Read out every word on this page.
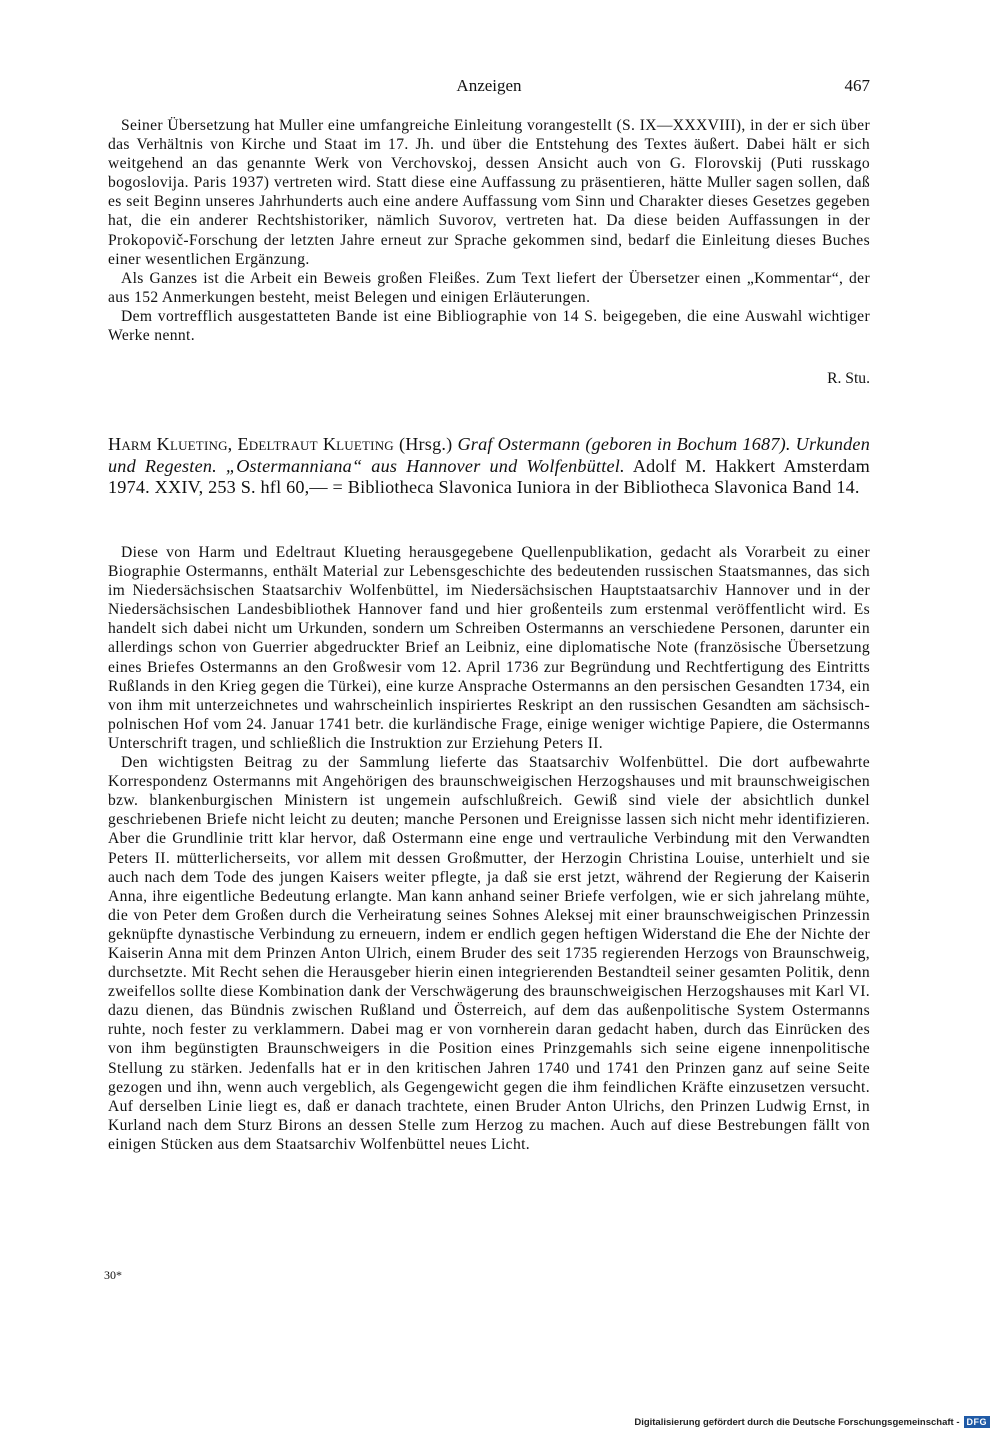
Anzeigen	467

Seiner Übersetzung hat Muller eine umfangreiche Einleitung vorangestellt (S. IX—XXXVIII), in der er sich über das Verhältnis von Kirche und Staat im 17. Jh. und über die Entstehung des Textes äußert. Dabei hält er sich weitgehend an das genannte Werk von Verchovskoj, dessen Ansicht auch von G. Florovskij (Puti russkago bogoslovija. Paris 1937) vertreten wird. Statt diese eine Auffassung zu präsentieren, hätte Muller sagen sollen, daß es seit Beginn unseres Jahrhunderts auch eine andere Auffassung vom Sinn und Charakter dieses Gesetzes gegeben hat, die ein anderer Rechtshistoriker, nämlich Suvorov, vertreten hat. Da diese beiden Auffassungen in der Prokopovič-Forschung der letzten Jahre erneut zur Sprache gekommen sind, bedarf die Einleitung dieses Buches einer wesentlichen Ergänzung.

Als Ganzes ist die Arbeit ein Beweis großen Fleißes. Zum Text liefert der Übersetzer einen „Kommentar“, der aus 152 Anmerkungen besteht, meist Belegen und einigen Erläuterungen.

Dem vortrefflich ausgestatteten Bande ist eine Bibliographie von 14 S. beigegeben, die eine Auswahl wichtiger Werke nennt.

R. Stu.
Harm Klueting, Edeltraut Klueting (Hrsg.) Graf Ostermann (geboren in Bochum 1687). Urkunden und Regesten. „Ostermanniana“ aus Hannover und Wolfenbüttel. Adolf M. Hakkert Amsterdam 1974. XXIV, 253 S. hfl 60,— = Bibliotheca Slavonica Iuniora in der Bibliotheca Slavonica Band 14.

Diese von Harm und Edeltraut Klueting herausgegebene Quellenpublikation, gedacht als Vorarbeit zu einer Biographie Ostermanns, enthält Material zur Lebensgeschichte des bedeutenden russischen Staatsmannes, das sich im Niedersächsischen Staatsarchiv Wolfenbüttel, im Niedersächsischen Hauptstaatsarchiv Hannover und in der Niedersächsischen Landesbibliothek Hannover fand und hier großenteils zum erstenmal veröffentlicht wird. Es handelt sich dabei nicht um Urkunden, sondern um Schreiben Ostermanns an verschiedene Personen, darunter ein allerdings schon von Guerrier abgedruckter Brief an Leibniz, eine diplomatische Note (französische Übersetzung eines Briefes Ostermanns an den Großwesir vom 12. April 1736 zur Begründung und Rechtfertigung des Eintritts Rußlands in den Krieg gegen die Türkei), eine kurze Ansprache Ostermanns an den persischen Gesandten 1734, ein von ihm mit unterzeichnetes und wahrscheinlich inspiriertes Reskript an den russischen Gesandten am sächsisch-polnischen Hof vom 24. Januar 1741 betr. die kurländische Frage, einige weniger wichtige Papiere, die Ostermanns Unterschrift tragen, und schließlich die Instruktion zur Erziehung Peters II.

Den wichtigsten Beitrag zu der Sammlung lieferte das Staatsarchiv Wolfenbüttel. Die dort aufbewahrte Korrespondenz Ostermanns mit Angehörigen des braunschweigischen Herzogshauses und mit braunschweigischen bzw. blankenburgischen Ministern ist ungemein aufschlußreich. Gewiß sind viele der absichtlich dunkel geschriebenen Briefe nicht leicht zu deuten; manche Personen und Ereignisse lassen sich nicht mehr identifizieren. Aber die Grundlinie tritt klar hervor, daß Ostermann eine enge und vertrauliche Verbindung mit den Verwandten Peters II. mütterlicherseits, vor allem mit dessen Großmutter, der Herzogin Christina Louise, unterhielt und sie auch nach dem Tode des jungen Kaisers weiter pflegte, ja daß sie erst jetzt, während der Regierung der Kaiserin Anna, ihre eigentliche Bedeutung erlangte. Man kann anhand seiner Briefe verfolgen, wie er sich jahrelang mühte, die von Peter dem Großen durch die Verheiratung seines Sohnes Aleksej mit einer braunschweigischen Prinzessin geknüpfte dynastische Verbindung zu erneuern, indem er endlich gegen heftigen Widerstand die Ehe der Nichte der Kaiserin Anna mit dem Prinzen Anton Ulrich, einem Bruder des seit 1735 regierenden Herzogs von Braunschweig, durchsetzte. Mit Recht sehen die Herausgeber hierin einen integrierenden Bestandteil seiner gesamten Politik, denn zweifellos sollte diese Kombination dank der Verschwägerung des braunschweigischen Herzogshauses mit Karl VI. dazu dienen, das Bündnis zwischen Rußland und Österreich, auf dem das außenpolitische System Ostermanns ruhte, noch fester zu verklammern. Dabei mag er von vornherein daran gedacht haben, durch das Einrücken des von ihm begünstigten Braunschweigers in die Position eines Prinzgemahls sich seine eigene innenpolitische Stellung zu stärken. Jedenfalls hat er in den kritischen Jahren 1740 und 1741 den Prinzen ganz auf seine Seite gezogen und ihn, wenn auch vergeblich, als Gegengewicht gegen die ihm feindlichen Kräfte einzusetzen versucht. Auf derselben Linie liegt es, daß er danach trachtete, einen Bruder Anton Ulrichs, den Prinzen Ludwig Ernst, in Kurland nach dem Sturz Birons an dessen Stelle zum Herzog zu machen. Auch auf diese Bestrebungen fällt von einigen Stücken aus dem Staatsarchiv Wolfenbüttel neues Licht.

30*
Digitalisierung gefördert durch die Deutsche Forschungsgemeinschaft - DFG
